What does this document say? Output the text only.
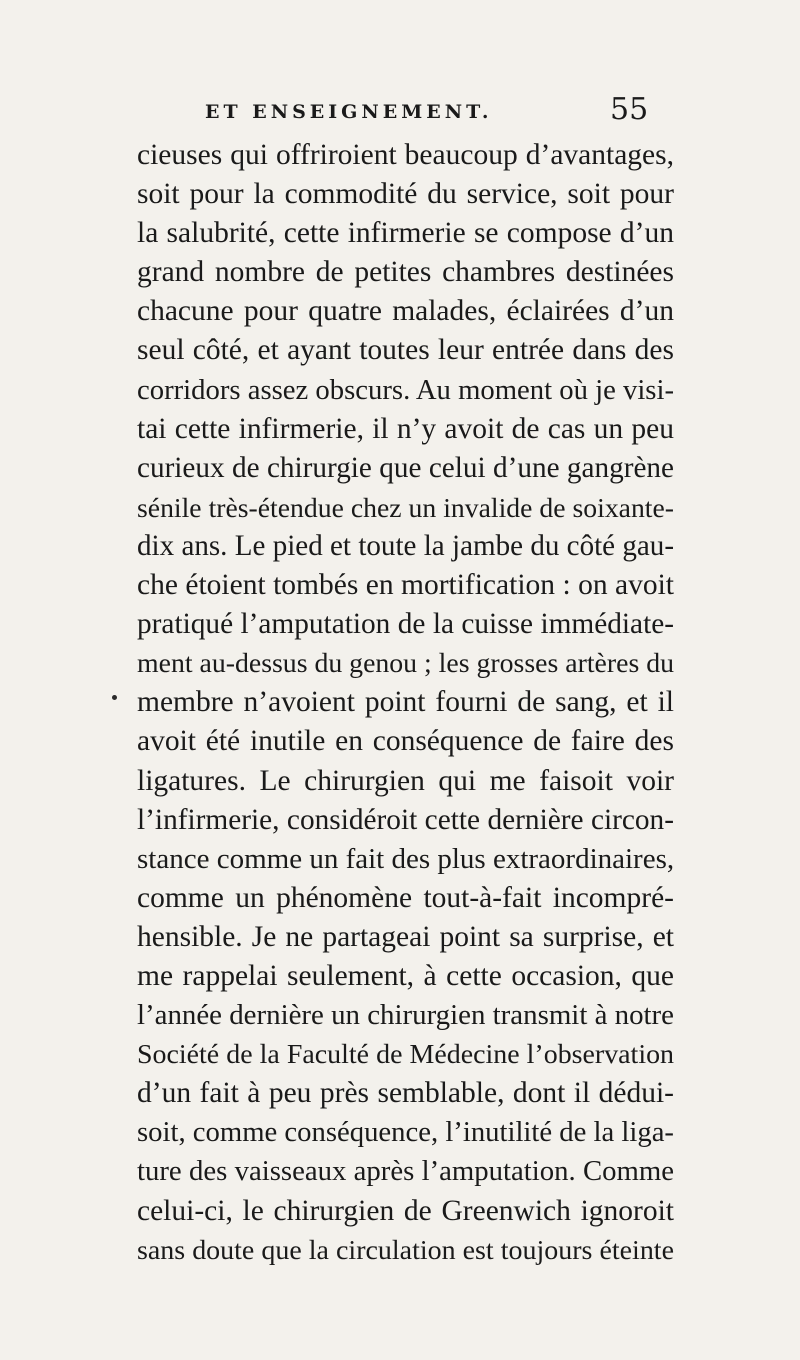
ET ENSEIGNEMENT.	55
cieuses qui offriroient beaucoup d’avantages,
soit pour la commodité du service, soit pour
la salubrité, cette infirmerie se compose d’un
grand nombre de petites chambres destinées
chacune pour quatre malades, éclairées d’un
seul côté, et ayant toutes leur entrée dans des
corridors assez obscurs. Au moment où je visi-
tai cette infirmerie, il n’y avoit de cas un peu
curieux de chirurgie que celui d’une gangrène
sénile très-étendue chez un invalide de soixante-
dix ans. Le pied et toute la jambe du côté gau-
che étoient tombés en mortification : on avoit
pratiqué l’amputation de la cuisse immédiate-
ment au-dessus du genou ; les grosses artères du
membre n’avoient point fourni de sang, et il
avoit été inutile en conséquence de faire des
ligatures. Le chirurgien qui me faisoit voir
l’infirmerie, considéroit cette dernière circon-
stance comme un fait des plus extraordinaires,
comme un phénomène tout-à-fait incompré-
hensible. Je ne partageai point sa surprise, et
me rappelai seulement, à cette occasion, que
l’année dernière un chirurgien transmit à notre
Société de la Faculté de Médecine l’observation
d’un fait à peu près semblable, dont il dédui-
soit, comme conséquence, l’inutilité de la liga-
ture des vaisseaux après l’amputation. Comme
celui-ci, le chirurgien de Greenwich ignoroit
sans doute que la circulation est toujours éteinte
